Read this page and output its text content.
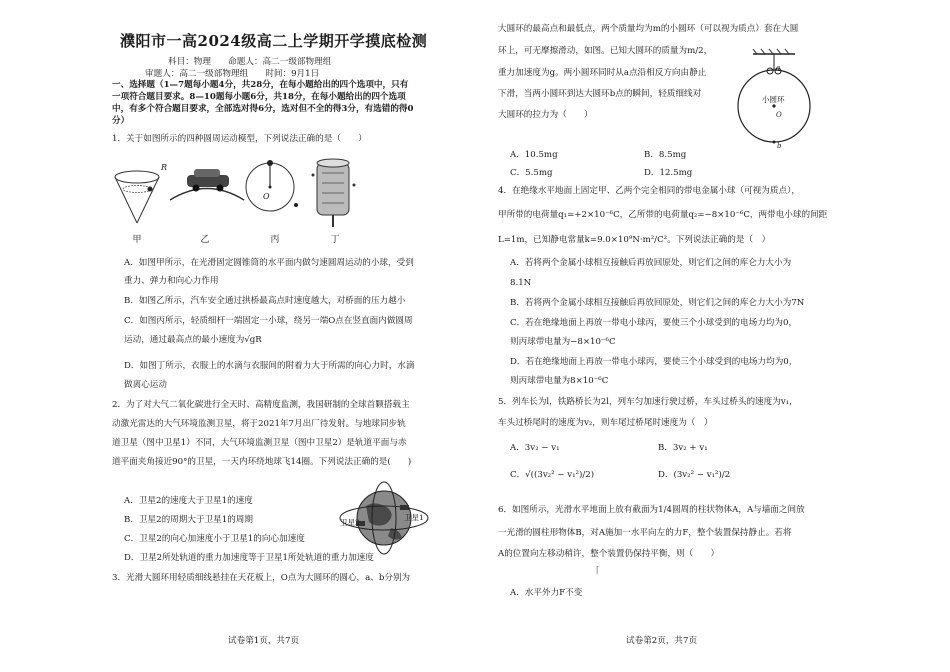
濮阳市一高2024级高二上学期开学摸底检测
科目：物理　　命题人：高二一级部物理组
审题人：高二一级部物理组　　时间：9月1日
一、选择题（1—7题每小题4分，共28分，在每小题给出的四个选项中，只有
一项符合题目要求。8—10题每小题6分，共18分，在每小题给出的四个选项
中，有多个符合题目要求，全部选对得6分，选对但不全的得3分，有选错的得0
分）
1．关于如图所示的四种圆周运动模型，下列说法正确的是（　　）
R
O
甲	乙	丙	丁
A．如图甲所示，在光滑固定圆锥筒的水平面内做匀速圆周运动的小球，受到
重力、弹力和向心力作用
B．如图乙所示，汽车安全通过拱桥最高点时速度越大，对桥面的压力越小
C．如图丙所示，轻质细杆一端固定一小球，绕另一端O点在竖直面内做圆周
运动，通过最高点的最小速度为√gR
D．如图丁所示，衣服上的水滴与衣服间的附着力大于所需的向心力时，水滴
做离心运动
2．为了对大气二氧化碳进行全天时、高精度监测，我国研制的全球首颗搭载主
动激光雷达的大气环境监测卫星，将于2021年7月出厂待发射。与地球同步轨
道卫星（图中卫星1）不同，大气环境监测卫星（图中卫星2）是轨道平面与赤
道平面夹角接近90°的卫星，一天内环绕地球飞14圈。下列说法正确的是(　　)
A．卫星2的速度大于卫星1的速度
B．卫星2的周期大于卫星1的周期
C．卫星2的向心加速度小于卫星1的向心加速度
D．卫星2所处轨道的重力加速度等于卫星1所处轨道的重力加速度
卫星1
卫星2
3．光滑大圆环用轻质细线悬挂在天花板上，O点为大圆环的圆心，a、b分别为
试卷第1页，共7页
大圆环的最高点和最低点，两个质量均为m的小圆环（可以视为质点）套在大圆
环上，可无摩擦滑动，如图。已知大圆环的质量为m/2，
重力加速度为g。两小圆环同时从a点沿相反方向由静止
下滑，当两小圆环到达大圆环b点的瞬间，轻质细线对
大圆环的拉力为（　　）
小圆环
a
O
b
A．10.5mg	B．8.5mg
C．5.5mg	D．12.5mg
4．在绝缘水平地面上固定甲、乙两个完全相同的带电金属小球（可视为质点），
甲所带的电荷量q₁=+2×10⁻⁶C，乙所带的电荷量q₂=−8×10⁻⁶C，两带电小球的间距
L=1m，已知静电常量k=9.0×10⁹N·m²/C²。下列说法正确的是（　）
A．若将两个金属小球相互接触后再放回原处，则它们之间的库仑力大小为
8.1N
B．若将两个金属小球相互接触后再放回原处，则它们之间的库仑力大小为7N
C．若在绝缘地面上再放一带电小球丙，要使三个小球受到的电场力均为0，
则丙球带电量为−8×10⁻⁶C
D．若在绝缘地面上再放一带电小球丙，要使三个小球受到的电场力均为0，
则丙球带电量为8×10⁻⁶C
5．列车长为l，铁路桥长为2l，列车匀加速行驶过桥，车头过桥头的速度为v₁，
车头过桥尾时的速度为v₂，则车尾过桥尾时速度为（　）
A．3v₂ − v₁	B．3v₂ + v₁
C．√((3v₂² − v₁²)/2)	D．(3v₂² − v₁²)/2
6．如图所示，光滑水平地面上放有截面为1/4圆周的柱状物体A，A与墙面之间放
一光滑的圆柱形物体B，对A施加一水平向左的力F，整个装置保持静止。若将
A的位置向左移动稍许，整个装置仍保持平衡，则（　　）
⌈
A．水平外力F不变
试卷第2页，共7页
